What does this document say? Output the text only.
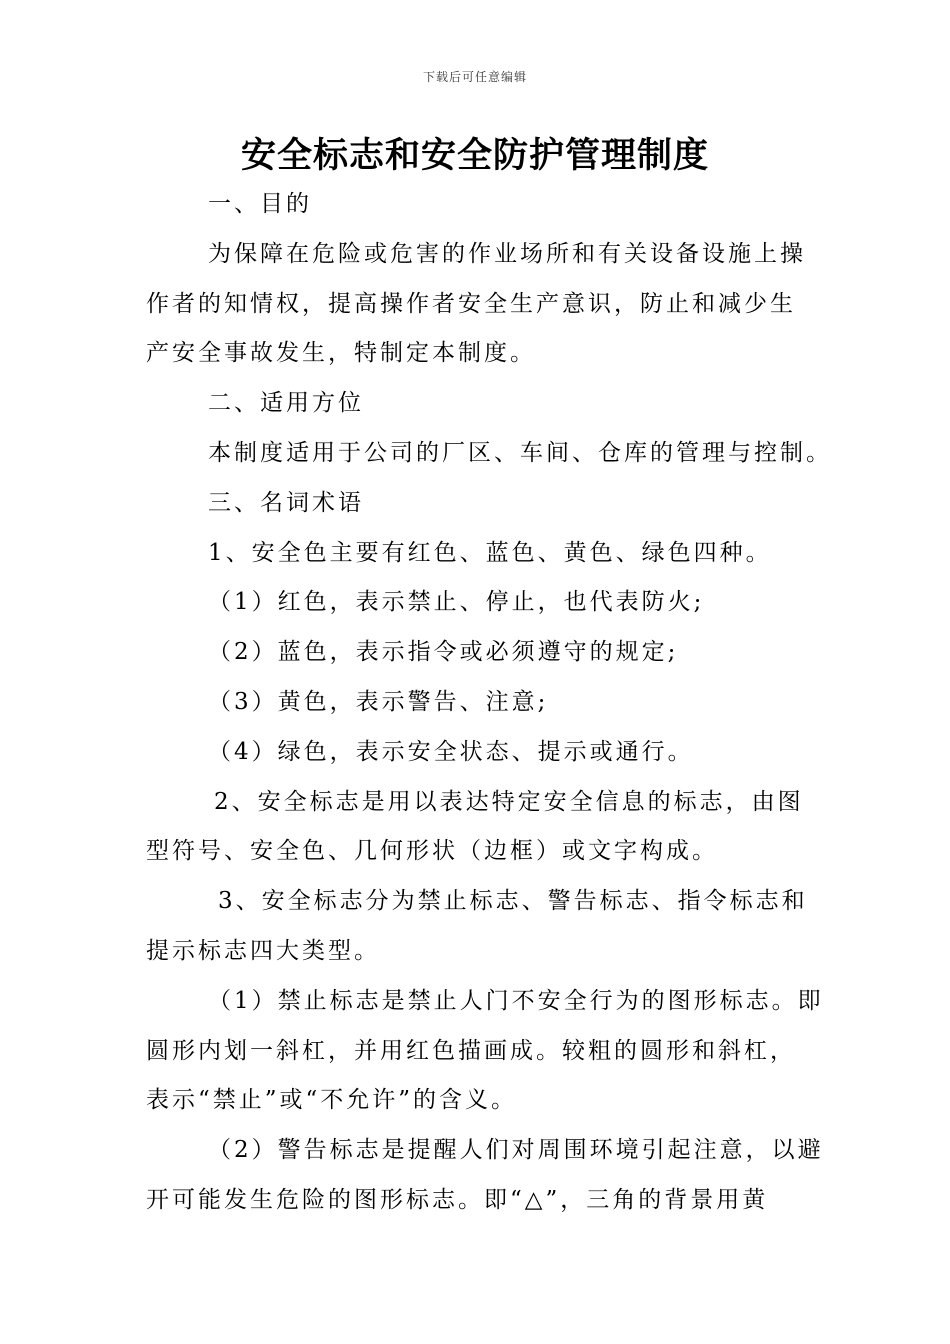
下载后可任意编辑
安全标志和安全防护管理制度

一、目的

为保障在危险或危害的作业场所和有关设备设施上操

作者的知情权，提高操作者安全生产意识，防止和减少生

产安全事故发生，特制定本制度。

二、适用方位

本制度适用于公司的厂区、车间、仓库的管理与控制。

三、名词术语

1、安全色主要有红色、蓝色、黄色、绿色四种。

（1）红色，表示禁止、停止，也代表防火;

（2）蓝色，表示指令或必须遵守的规定;

（3）黄色，表示警告、注意;

（4）绿色，表示安全状态、提示或通行。

2、安全标志是用以表达特定安全信息的标志，由图

型符号、安全色、几何形状（边框）或文字构成。

3、安全标志分为禁止标志、警告标志、指令标志和

提示标志四大类型。

（1）禁止标志是禁止人门不安全行为的图形标志。即

圆形内划一斜杠，并用红色描画成。较粗的圆形和斜杠，

表示“禁止”或“不允许”的含义。

（2）警告标志是提醒人们对周围环境引起注意，以避

开可能发生危险的图形标志。即“△”，三角的背景用黄
